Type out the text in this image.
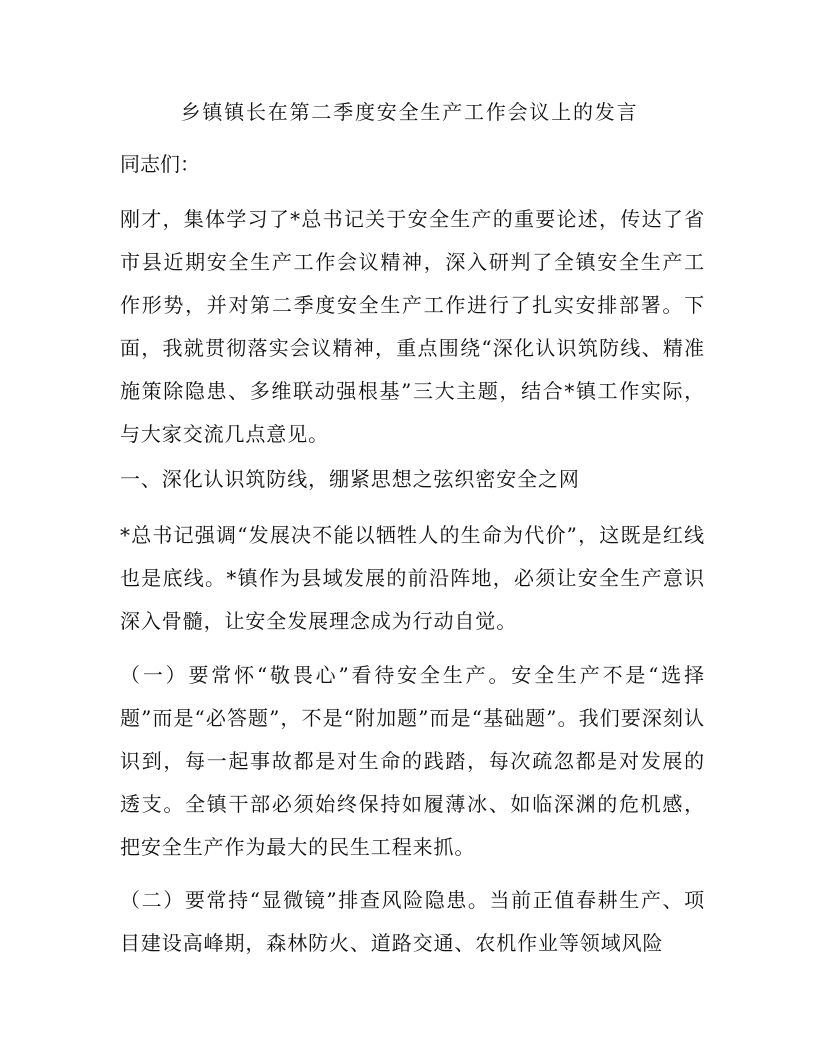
乡镇镇长在第二季度安全生产工作会议上的发言

同志们：

刚才，集体学习了*总书记关于安全生产的重要论述，传达了省市县近期安全生产工作会议精神，深入研判了全镇安全生产工作形势，并对第二季度安全生产工作进行了扎实安排部署。下面，我就贯彻落实会议精神，重点围绕“深化认识筑防线、精准施策除隐患、多维联动强根基”三大主题，结合*镇工作实际，与大家交流几点意见。

一、深化认识筑防线，绷紧思想之弦织密安全之网

*总书记强调“发展决不能以牺牲人的生命为代价”，这既是红线也是底线。*镇作为县域发展的前沿阵地，必须让安全生产意识深入骨髓，让安全发展理念成为行动自觉。

（一）要常怀“敬畏心”看待安全生产。安全生产不是“选择题”而是“必答题”，不是“附加题”而是“基础题”。我们要深刻认识到，每一起事故都是对生命的践踏，每次疏忽都是对发展的透支。全镇干部必须始终保持如履薄冰、如临深渊的危机感，把安全生产作为最大的民生工程来抓。

（二）要常持“显微镜”排查风险隐患。当前正值春耕生产、项目建设高峰期，森林防火、道路交通、农机作业等领域风险
